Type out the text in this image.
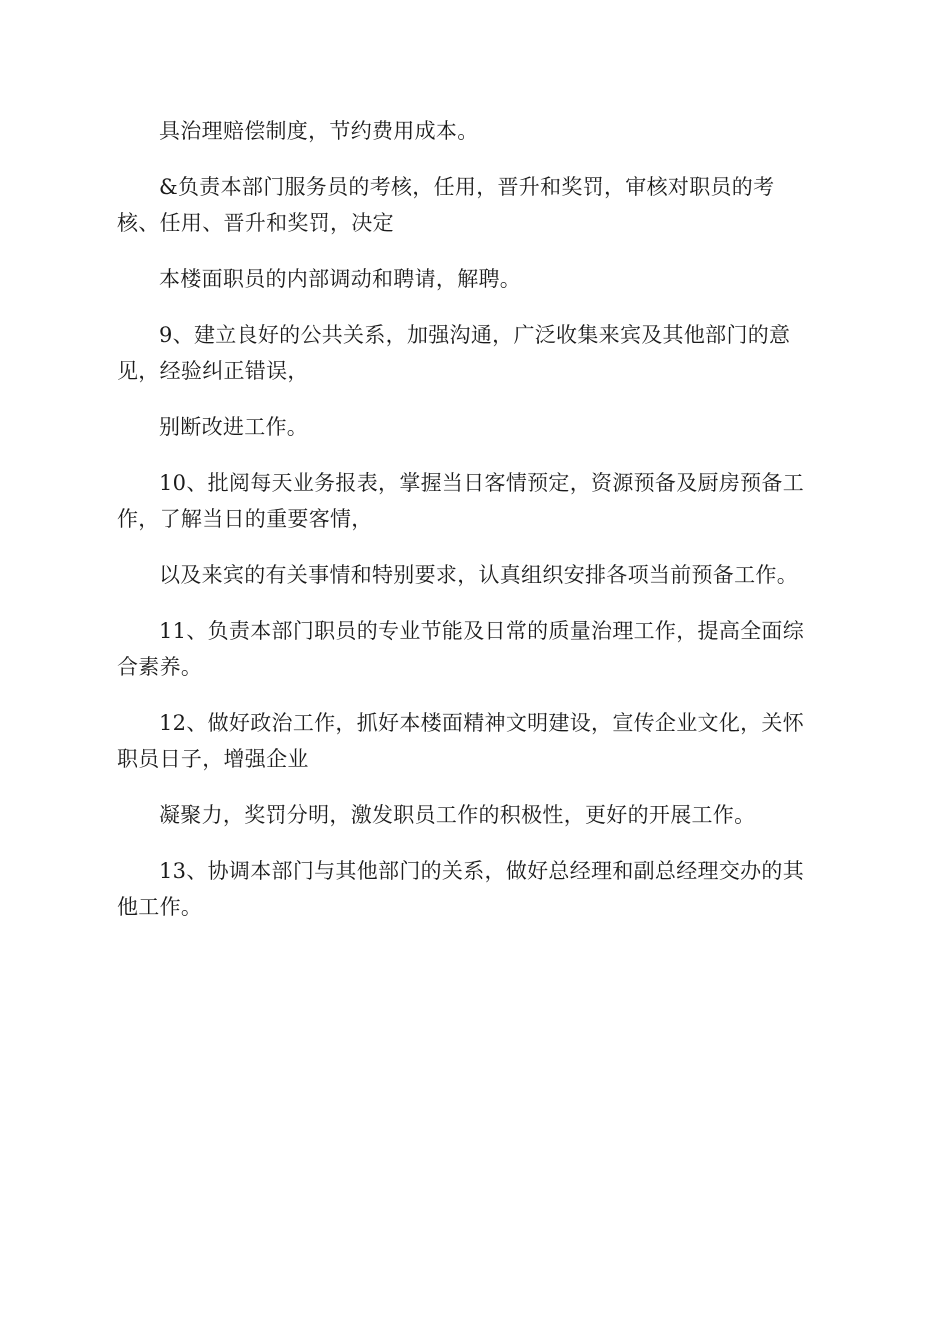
具治理赔偿制度，节约费用成本。

&负责本部门服务员的考核，任用，晋升和奖罚，审核对职员的考
核、任用、晋升和奖罚，决定

本楼面职员的内部调动和聘请，解聘。

9、建立良好的公共关系，加强沟通，广泛收集来宾及其他部门的意
见，经验纠正错误，

别断改进工作。

10、批阅每天业务报表，掌握当日客情预定，资源预备及厨房预备工
作，了解当日的重要客情，

以及来宾的有关事情和特别要求，认真组织安排各项当前预备工作。

11、负责本部门职员的专业节能及日常的质量治理工作，提高全面综
合素养。

12、做好政治工作，抓好本楼面精神文明建设，宣传企业文化，关怀
职员日子，增强企业

凝聚力，奖罚分明，激发职员工作的积极性，更好的开展工作。

13、协调本部门与其他部门的关系，做好总经理和副总经理交办的其
他工作。
